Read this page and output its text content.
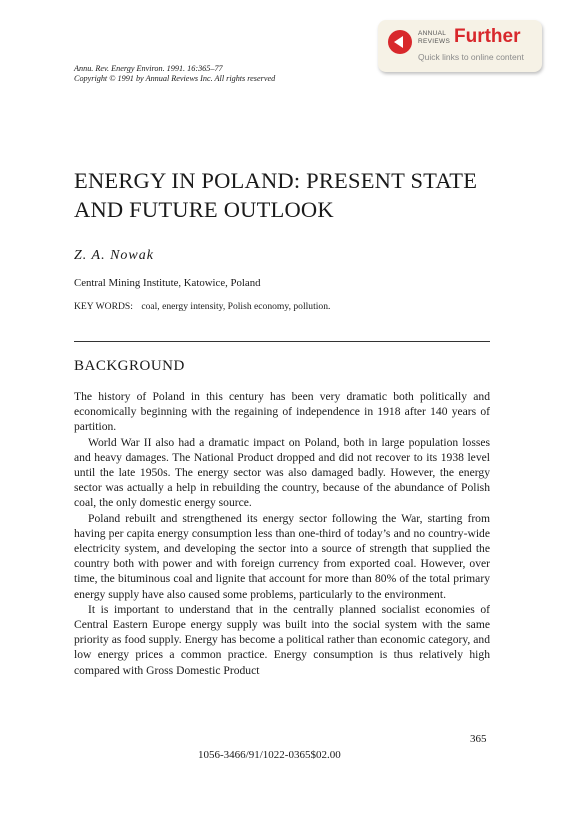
Annu. Rev. Energy Environ. 1991. 16:365–77
Copyright © 1991 by Annual Reviews Inc. All rights reserved
ANNUAL
REVIEWS Further
Quick links to online content
ENERGY IN POLAND: PRESENT STATE AND FUTURE OUTLOOK
Z. A. Nowak
Central Mining Institute, Katowice, Poland
KEY WORDS: coal, energy intensity, Polish economy, pollution.
BACKGROUND

The history of Poland in this century has been very dramatic both politically and economically beginning with the regaining of independence in 1918 after 140 years of partition.

World War II also had a dramatic impact on Poland, both in large population losses and heavy damages. The National Product dropped and did not recover to its 1938 level until the late 1950s. The energy sector was also damaged badly. However, the energy sector was actually a help in rebuilding the country, because of the abundance of Polish coal, the only domestic energy source.

Poland rebuilt and strengthened its energy sector following the War, starting from having per capita energy consumption less than one-third of today’s and no country-wide electricity system, and developing the sector into a source of strength that supplied the country both with power and with foreign currency from exported coal. However, over time, the bituminous coal and lignite that account for more than 80% of the total primary energy supply have also caused some problems, particularly to the environment.

It is important to understand that in the centrally planned socialist economies of Central Eastern Europe energy supply was built into the social system with the same priority as food supply. Energy has become a political rather than economic category, and low energy prices a common practice. Energy consumption is thus relatively high compared with Gross Domestic Product

365
1056-3466/91/1022-0365$02.00
